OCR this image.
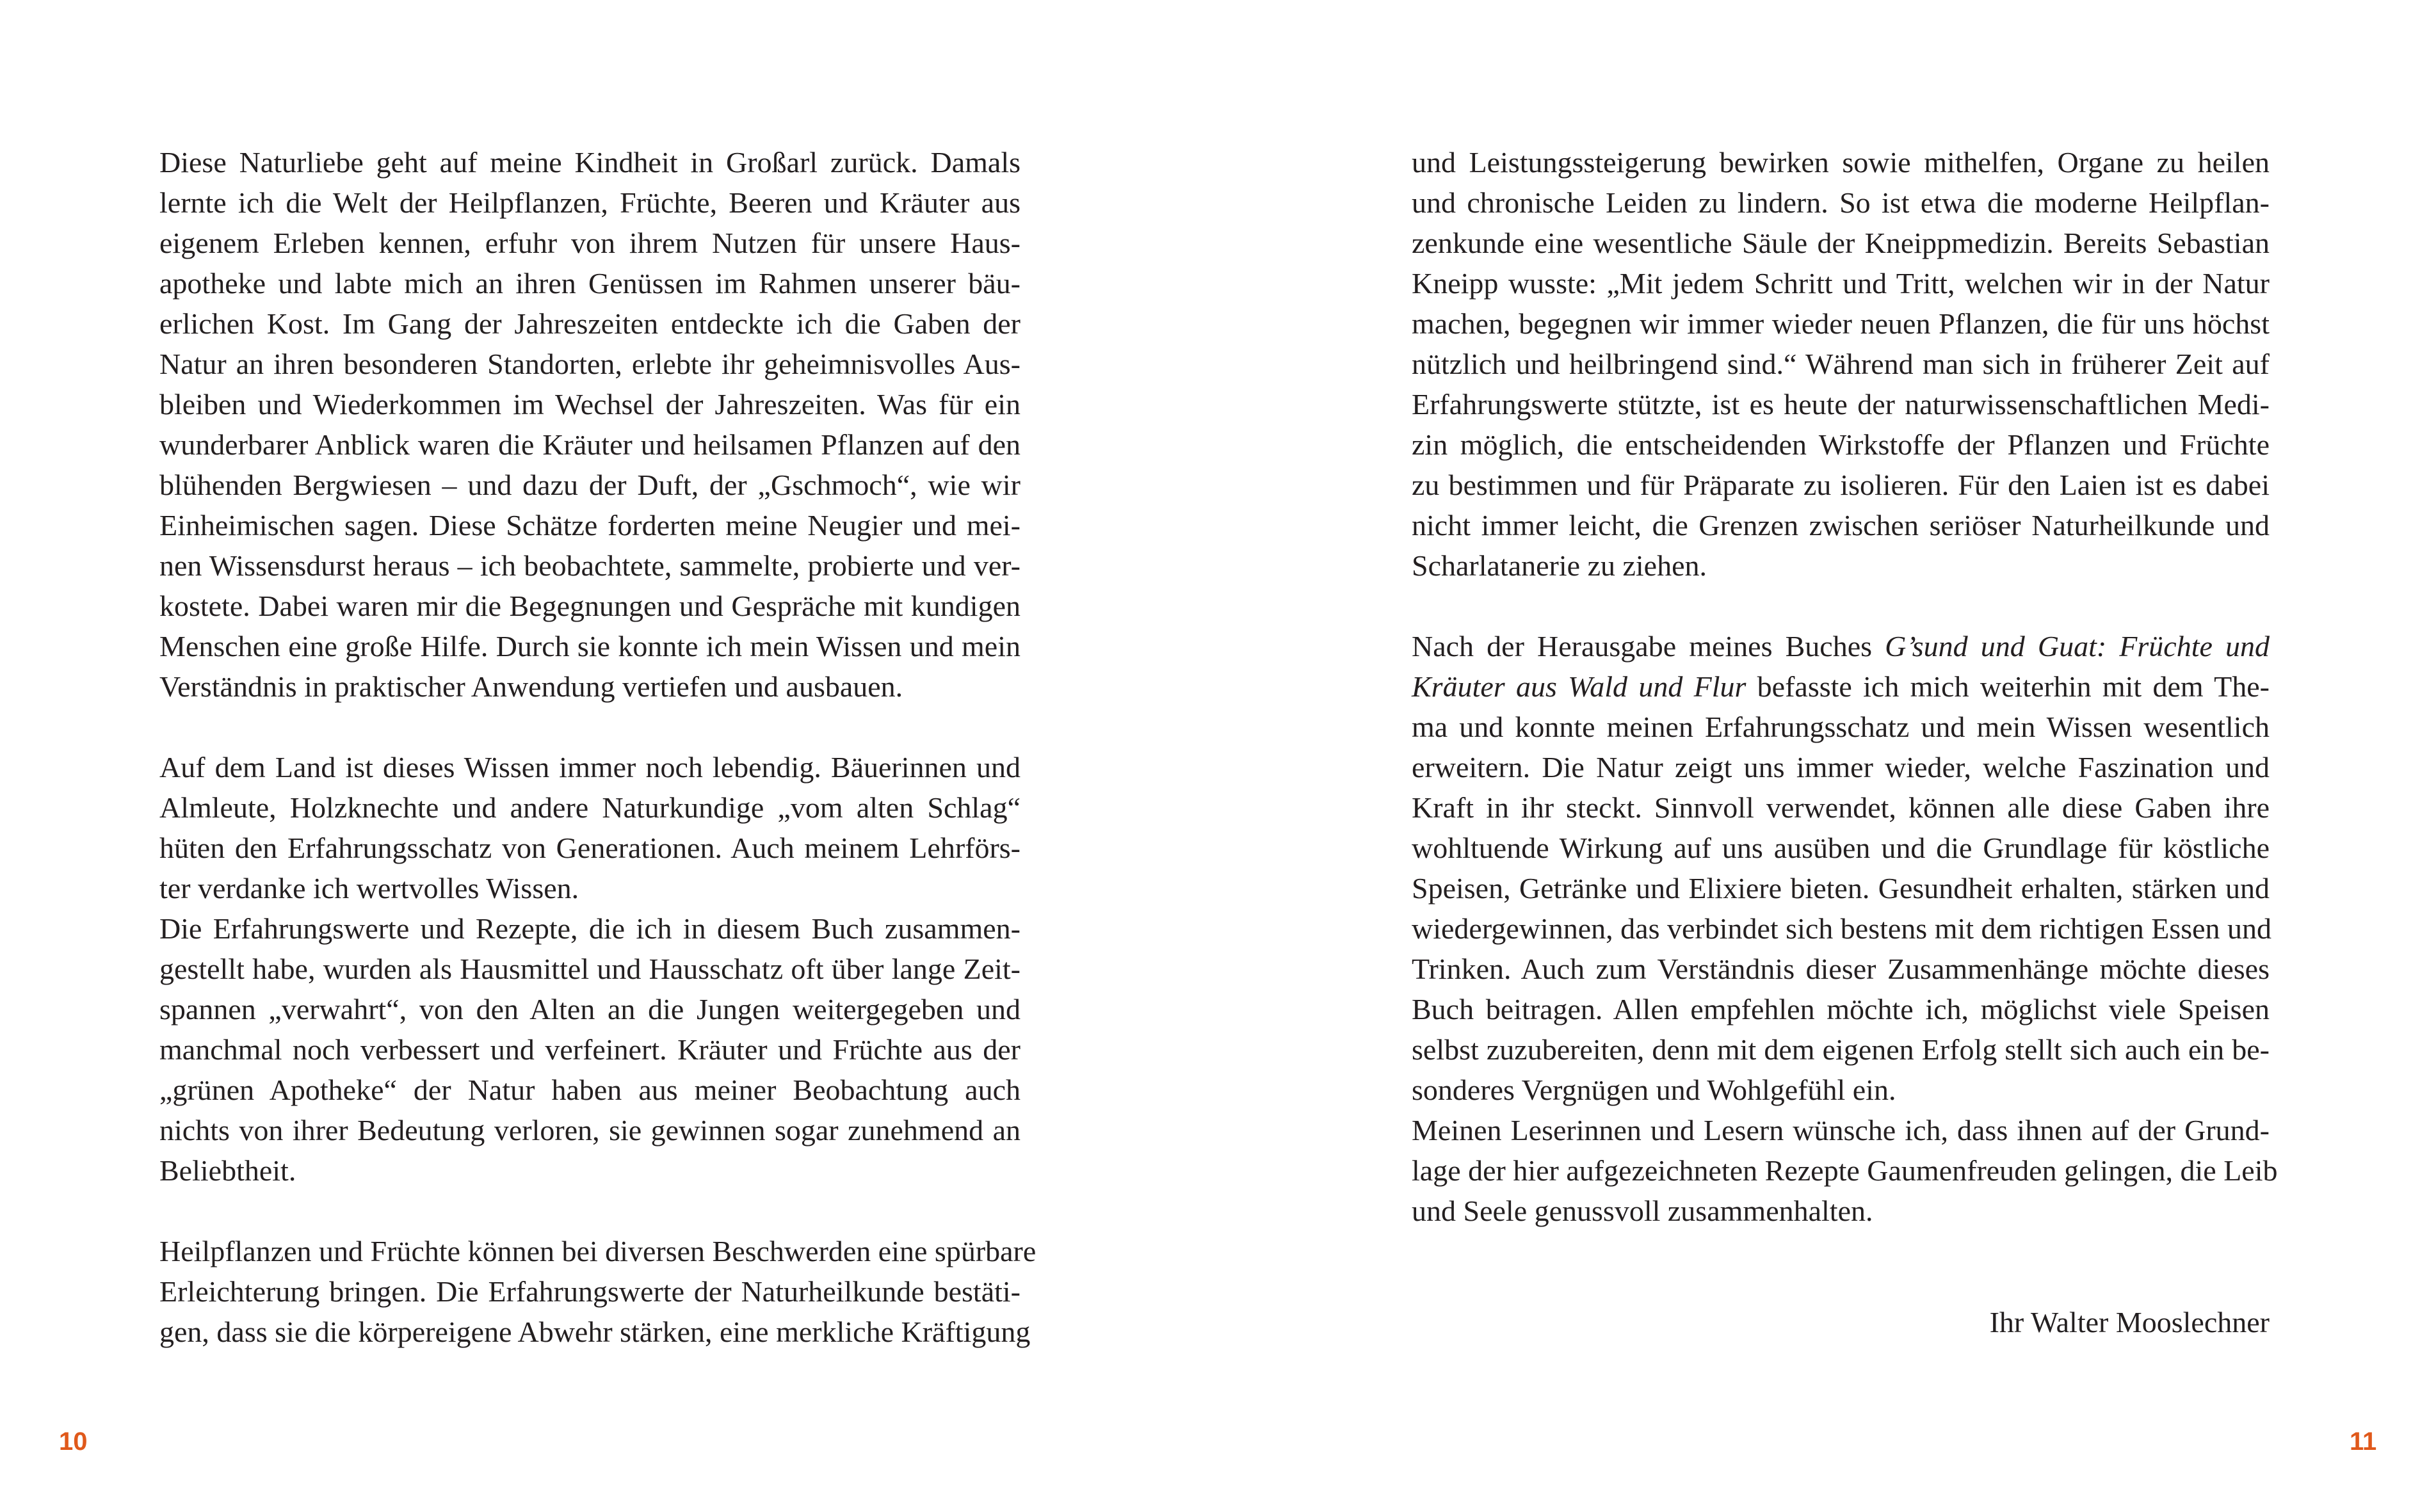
Diese Naturliebe geht auf meine Kindheit in Großarl zurück. Damals
lernte ich die Welt der Heilpflanzen, Früchte, Beeren und Kräuter aus
eigenem Erleben kennen, erfuhr von ihrem Nutzen für unsere Haus-
apotheke und labte mich an ihren Genüssen im Rahmen unserer bäu-
erlichen Kost. Im Gang der Jahreszeiten entdeckte ich die Gaben der
Natur an ihren besonderen Standorten, erlebte ihr geheimnisvolles Aus-
bleiben und Wiederkommen im Wechsel der Jahreszeiten. Was für ein
wunderbarer Anblick waren die Kräuter und heilsamen Pflanzen auf den
blühenden Bergwiesen – und dazu der Duft, der „Gschmoch“, wie wir
Einheimischen sagen. Diese Schätze forderten meine Neugier und mei-
nen Wissensdurst heraus – ich beobachtete, sammelte, probierte und ver-
kostete. Dabei waren mir die Begegnungen und Gespräche mit kundigen
Menschen eine große Hilfe. Durch sie konnte ich mein Wissen und mein
Verständnis in praktischer Anwendung vertiefen und ausbauen.
Auf dem Land ist dieses Wissen immer noch lebendig. Bäuerinnen und
Almleute, Holzknechte und andere Naturkundige „vom alten Schlag“
hüten den Erfahrungsschatz von Generationen. Auch meinem Lehrförs-
ter verdanke ich wertvolles Wissen.
Die Erfahrungswerte und Rezepte, die ich in diesem Buch zusammen-
gestellt habe, wurden als Hausmittel und Hausschatz oft über lange Zeit-
spannen „verwahrt“, von den Alten an die Jungen weitergegeben und
manchmal noch verbessert und verfeinert. Kräuter und Früchte aus der
„grünen Apotheke“ der Natur haben aus meiner Beobachtung auch
nichts von ihrer Bedeutung verloren, sie gewinnen sogar zunehmend an
Beliebtheit.
Heilpflanzen und Früchte können bei diversen Beschwerden eine spürbare
Erleichterung bringen. Die Erfahrungswerte der Naturheilkunde bestäti-
gen, dass sie die körpereigene Abwehr stärken, eine merkliche Kräftigung
10
und Leistungssteigerung bewirken sowie mithelfen, Organe zu heilen
und chronische Leiden zu lindern. So ist etwa die moderne Heilpflan-
zenkunde eine wesentliche Säule der Kneippmedizin. Bereits Sebastian
Kneipp wusste: „Mit jedem Schritt und Tritt, welchen wir in der Natur
machen, begegnen wir immer wieder neuen Pflanzen, die für uns höchst
nützlich und heilbringend sind.“ Während man sich in früherer Zeit auf
Erfahrungswerte stützte, ist es heute der naturwissenschaftlichen Medi-
zin möglich, die entscheidenden Wirkstoffe der Pflanzen und Früchte
zu bestimmen und für Präparate zu isolieren. Für den Laien ist es dabei
nicht immer leicht, die Grenzen zwischen seriöser Naturheilkunde und
Scharlatanerie zu ziehen.
Nach der Herausgabe meines Buches G’sund und Guat: Früchte und
Kräuter aus Wald und Flur befasste ich mich weiterhin mit dem The-
ma und konnte meinen Erfahrungsschatz und mein Wissen wesentlich
erweitern. Die Natur zeigt uns immer wieder, welche Faszination und
Kraft in ihr steckt. Sinnvoll verwendet, können alle diese Gaben ihre
wohltuende Wirkung auf uns ausüben und die Grundlage für köstliche
Speisen, Getränke und Elixiere bieten. Gesundheit erhalten, stärken und
wiedergewinnen, das verbindet sich bestens mit dem richtigen Essen und
Trinken. Auch zum Verständnis dieser Zusammenhänge möchte dieses
Buch beitragen. Allen empfehlen möchte ich, möglichst viele Speisen
selbst zuzubereiten, denn mit dem eigenen Erfolg stellt sich auch ein be-
sonderes Vergnügen und Wohlgefühl ein.
Meinen Leserinnen und Lesern wünsche ich, dass ihnen auf der Grund-
lage der hier aufgezeichneten Rezepte Gaumenfreuden gelingen, die Leib
und Seele genussvoll zusammenhalten.
Ihr Walter Mooslechner
11
